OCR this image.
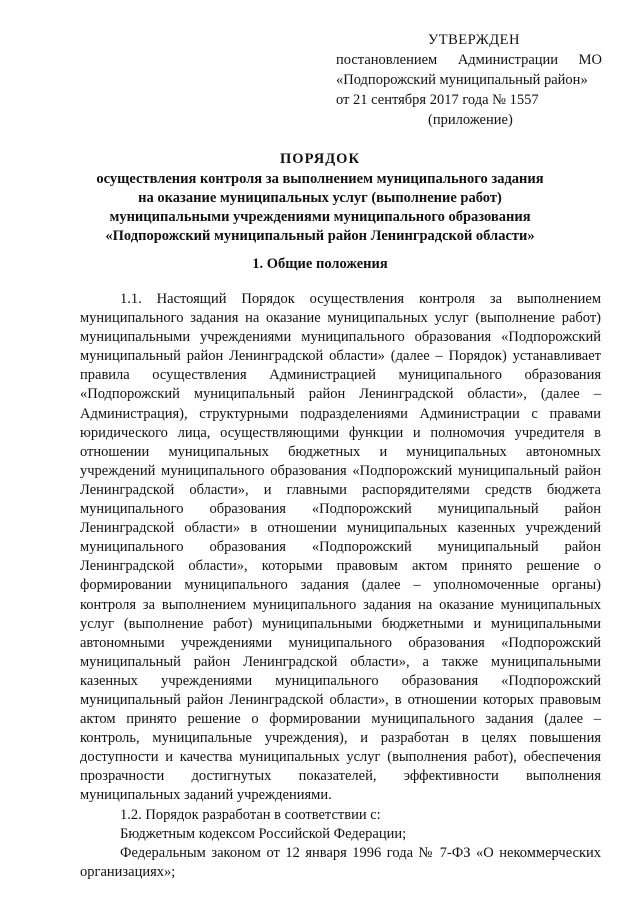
УТВЕРЖДЕН
постановлением Администрации МО
«Подпорожский муниципальный район»
от 21 сентября 2017 года № 1557
(приложение)
ПОРЯДОК
осуществления контроля за выполнением муниципального задания
на оказание муниципальных услуг (выполнение работ)
муниципальными учреждениями муниципального образования
«Подпорожский муниципальный район Ленинградской области»
1. Общие положения

1.1. Настоящий Порядок осуществления контроля за выполнением муниципального задания на оказание муниципальных услуг (выполнение работ) муниципальными учреждениями муниципального образования «Подпорожский муниципальный район Ленинградской области» (далее – Порядок) устанавливает правила осуществления Администрацией муниципального образования «Подпорожский муниципальный район Ленинградской области», (далее – Администрация), структурными подразделениями Администрации с правами юридического лица, осуществляющими функции и полномочия учредителя в отношении муниципальных бюджетных и муниципальных автономных учреждений муниципального образования «Подпорожский муниципальный район Ленинградской области», и главными распорядителями средств бюджета муниципального образования «Подпорожский муниципальный район Ленинградской области» в отношении муниципальных казенных учреждений муниципального образования «Подпорожский муниципальный район Ленинградской области», которыми правовым актом принято решение о формировании муниципального задания (далее – уполномоченные органы) контроля за выполнением муниципального задания на оказание муниципальных услуг (выполнение работ) муниципальными бюджетными и муниципальными автономными учреждениями муниципального образования «Подпорожский муниципальный район Ленинградской области», а также муниципальными казенных учреждениями муниципального образования «Подпорожский муниципальный район Ленинградской области», в отношении которых правовым актом принято решение о формировании муниципального задания (далее – контроль, муниципальные учреждения), и разработан в целях повышения доступности и качества муниципальных услуг (выполнения работ), обеспечения прозрачности достигнутых показателей, эффективности выполнения муниципальных заданий учреждениями.

1.2. Порядок разработан в соответствии с:

Бюджетным кодексом Российской Федерации;

Федеральным законом от 12 января 1996 года № 7-ФЗ «О некоммерческих организациях»;
